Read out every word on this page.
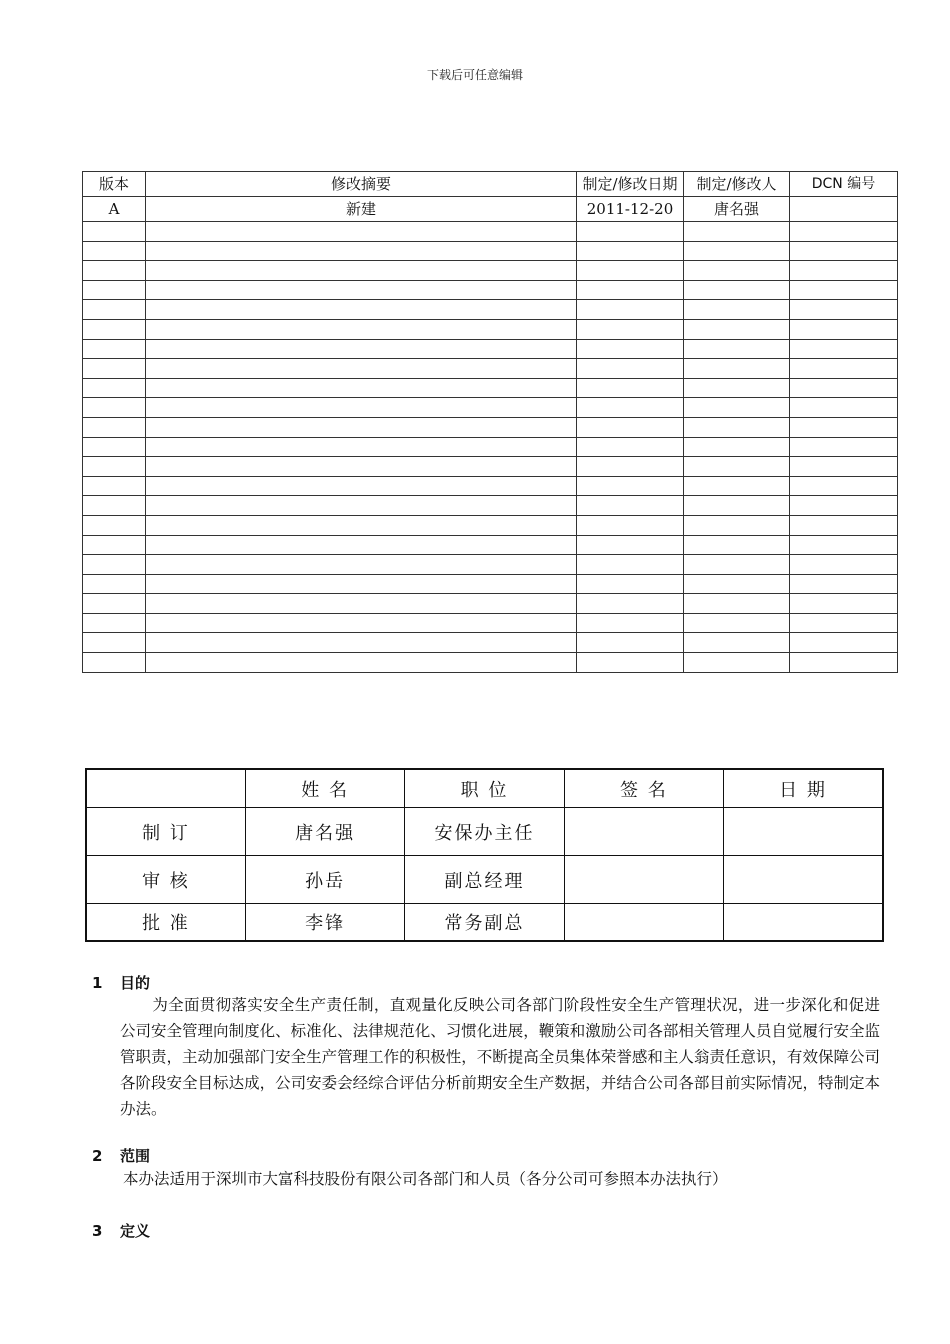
下载后可任意编辑
版本	修改摘要	制定/修改日期	制定/修改人	DCN 编号
A	新建	2011-12-20	唐名强	

	姓 名	职 位	签 名	日 期
制 订	唐名强	安保办主任		
审 核	孙岳	副总经理		
批 准	李锋	常务副总		
1 目的
为全面贯彻落实安全生产责任制，直观量化反映公司各部门阶段性安全生产管理状况，进一步深化和促进公司安全管理向制度化、标准化、法律规范化、习惯化进展，鞭策和激励公司各部相关管理人员自觉履行安全监管职责，主动加强部门安全生产管理工作的积极性，不断提高全员集体荣誉感和主人翁责任意识，有效保障公司各阶段安全目标达成，公司安委会经综合评估分析前期安全生产数据，并结合公司各部目前实际情况，特制定本办法。
2 范围
本办法适用于深圳市大富科技股份有限公司各部门和人员（各分公司可参照本办法执行）
3 定义
